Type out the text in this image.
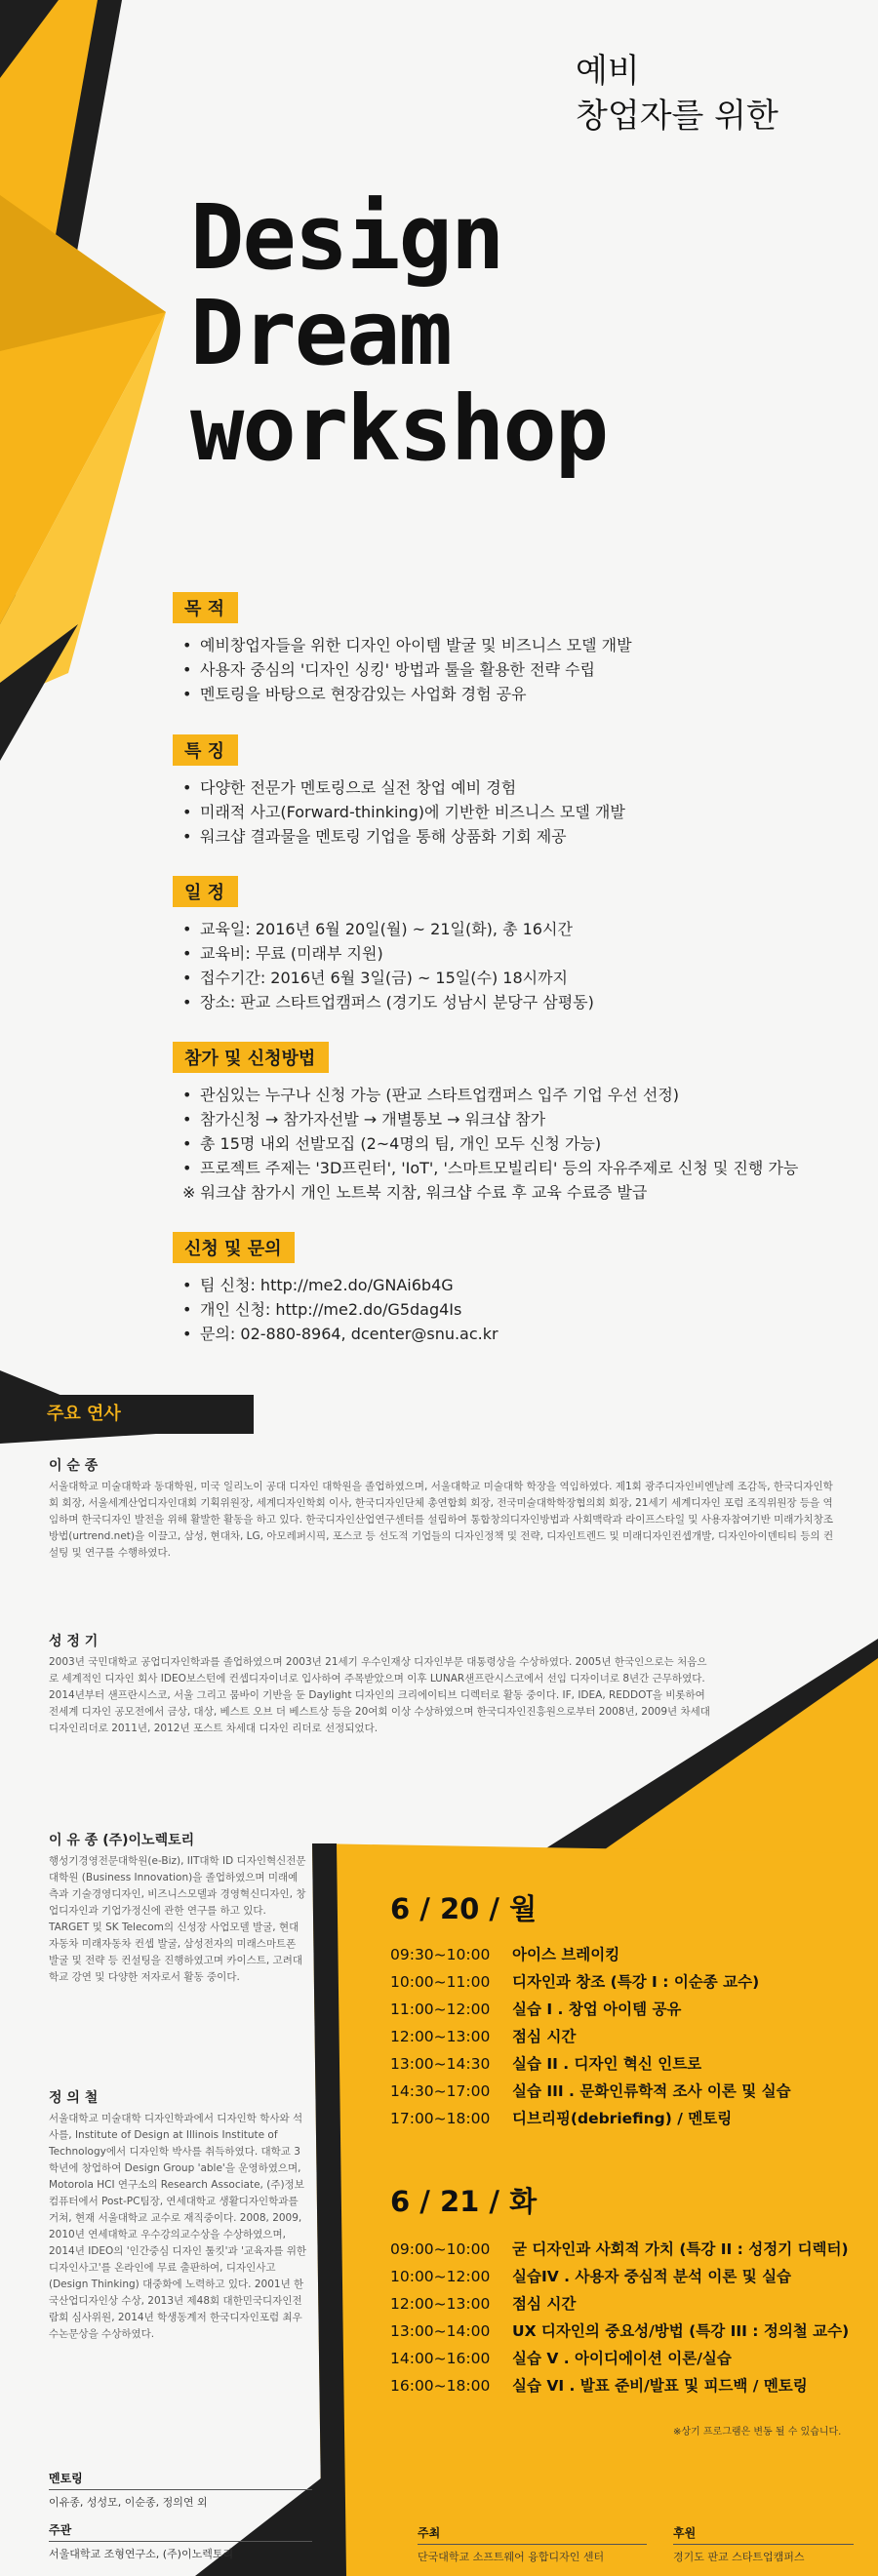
예비
창업자를 위한
Design
Dream
workshop
목 적
• 예비창업자들을 위한 디자인 아이템 발굴 및 비즈니스 모델 개발
• 사용자 중심의 '디자인 싱킹' 방법과 툴을 활용한 전략 수립
• 멘토링을 바탕으로 현장감있는 사업화 경험 공유
특 징
• 다양한 전문가 멘토링으로 실전 창업 예비 경험
• 미래적 사고(Forward-thinking)에 기반한 비즈니스 모델 개발
• 워크샵 결과물을 멘토링 기업을 통해 상품화 기회 제공
일 정
• 교육일: 2016년 6월 20일(월) ~ 21일(화), 총 16시간
• 교육비: 무료 (미래부 지원)
• 접수기간: 2016년 6월 3일(금) ~ 15일(수) 18시까지
• 장소: 판교 스타트업캠퍼스 (경기도 성남시 분당구 삼평동)
참가 및 신청방법
• 관심있는 누구나 신청 가능 (판교 스타트업캠퍼스 입주 기업 우선 선정)
• 참가신청 → 참가자선발 → 개별통보 → 워크샵 참가
• 총 15명 내외 선발모집 (2~4명의 팀, 개인 모두 신청 가능)
• 프로젝트 주제는 '3D프린터', 'IoT', '스마트모빌리티' 등의 자유주제로 신청 및 진행 가능
※ 워크샵 참가시 개인 노트북 지참, 워크샵 수료 후 교육 수료증 발급
신청 및 문의
• 팀 신청: http://me2.do/GNAi6b4G
• 개인 신청: http://me2.do/G5dag4Is
• 문의: 02-880-8964, dcenter@snu.ac.kr
주요 연사
이 순 종

서울대학교 미술대학과 동대학원, 미국 일리노이 공대 디자인 대학원을 졸업하였으며, 서울대학교 미술대학 학장을 역임하였다. 제1회 광주디자인비엔날레 조감독, 한국디자인학회 회장, 서울세계산업디자인대회 기획위원장, 세계디자인학회 이사, 한국디자인단체 총연합회 회장, 전국미술대학학장협의회 회장, 21세기 세계디자인 포럼 조직위원장 등을 역임하며 한국디자인 발전을 위해 활발한 활동을 하고 있다. 한국디자인산업연구센터를 설립하여 통합창의디자인방법과 사회맥락과 라이프스타일 및 사용자참여기반 미래가치창조방법(urtrend.net)을 이끌고, 삼성, 현대차, LG, 아모레퍼시픽, 포스코 등 선도적 기업들의 디자인정책 및 전략, 디자인트렌드 및 미래디자인컨셉개발, 디자인아이덴티티 등의 컨설팅 및 연구를 수행하였다.

성 정 기

2003년 국민대학교 공업디자인학과를 졸업하였으며 2003년 21세기 우수인재상 디자인부문 대통령상을 수상하였다. 2005년 한국인으로는 처음으로 세계적인 디자인 회사 IDEO보스턴에 컨셉디자이너로 입사하여 주목받았으며 이후 LUNAR샌프란시스코에서 선임 디자이너로 8년간 근무하였다. 2014년부터 샌프란시스코, 서울 그리고 뭄바이 기반을 둔 Daylight 디자인의 크리에이티브 디렉터로 활동 중이다. IF, IDEA, REDDOT을 비롯하여 전세계 디자인 공모전에서 금상, 대상, 베스트 오브 더 베스트상 등을 20여회 이상 수상하였으며 한국디자인진흥원으로부터 2008년, 2009년 차세대 디자인리더로 2011년, 2012년 포스트 차세대 디자인 리더로 선정되었다.

이 유 종 (주)이노렉토리

행성기경영전문대학원(e-Biz), IIT대학 ID 디자인혁신전문대학원 (Business Innovation)을 졸업하였으며 미래예측과 기술경영디자인, 비즈니스모델과 경영혁신디자인, 창업디자인과 기업가정신에 관한 연구를 하고 있다. TARGET 및 SK Telecom의 신성장 사업모델 발굴, 현대자동차 미래자동차 컨셉 발굴, 삼성전자의 미래스마트폰 발굴 및 전략 등 컨설팅을 진행하였고며 카이스트, 고려대학교 강연 및 다양한 저자로서 활동 중이다.

정 의 철

서울대학교 미술대학 디자인학과에서 디자인학 학사와 석사를, Institute of Design at Illinois Institute of Technology에서 디자인학 박사를 취득하였다. 대학교 3학년에 창업하여 Design Group 'able'을 운영하였으며, Motorola HCI 연구소의 Research Associate, (주)정보컴퓨터에서 Post-PC팀장, 연세대학교 생활디자인학과를 거쳐, 현재 서울대학교 교수로 재직중이다. 2008, 2009, 2010년 연세대학교 우수강의교수상을 수상하였으며, 2014년 IDEO의 '인간중심 디자인 툴킷'과 '교육자를 위한 디자인사고'를 온라인에 무료 출판하여, 디자인사고 (Design Thinking) 대중화에 노력하고 있다. 2001년 한국산업디자인상 수상, 2013년 제48회 대한민국디자인전람회 심사위원, 2014년 학생동계저 한국디자인포럼 최우수논문상을 수상하였다.

6 / 20 / 월
09:30~10:00	아이스 브레이킹
10:00~11:00	디자인과 창조 (특강 I : 이순종 교수)
11:00~12:00	실습 I . 창업 아이템 공유
12:00~13:00	점심 시간
13:00~14:30	실습 II . 디자인 혁신 인트로
14:30~17:00	실습 III . 문화인류학적 조사 이론 및 실습
17:00~18:00	디브리핑(debriefing) / 멘토링
6 / 21 / 화
09:00~10:00	굳 디자인과 사회적 가치 (특강 II : 성정기 디렉터)
10:00~12:00	실습IV . 사용자 중심적 분석 이론 및 실습
12:00~13:00	점심 시간
13:00~14:00	UX 디자인의 중요성/방법 (특강 III : 정의철 교수)
14:00~16:00	실습 V . 아이디에이션 이론/실습
16:00~18:00	실습 VI . 발표 준비/발표 및 피드백 / 멘토링
※상기 프로그램은 변동 될 수 있습니다.
멘토링

이유종, 성성모, 이순종, 정의연 외

주관

서울대학교 조형연구소, (주)이노렉토리

주최

단국대학교 소프트웨어 융합디자인 센터

후원

경기도 판교 스타트업캠퍼스
